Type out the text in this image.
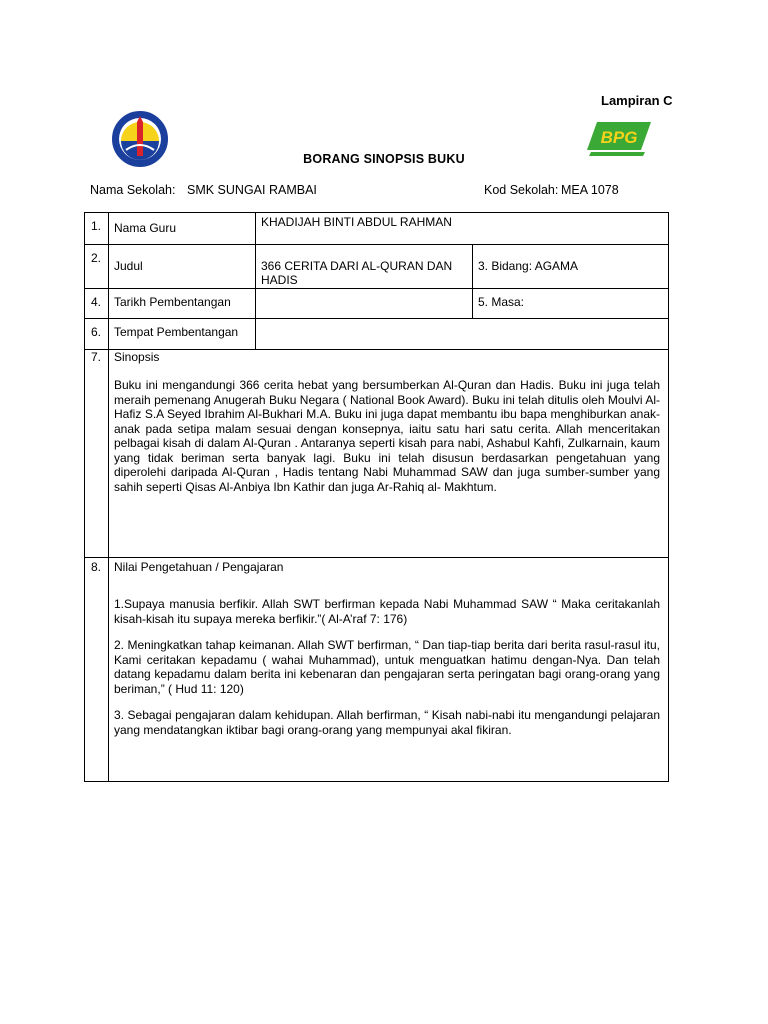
Lampiran C
BPG
BORANG SINOPSIS BUKU
Nama Sekolah: SMK SUNGAI RAMBAI	Kod Sekolah: MEA 1078
1.	Nama Guru	KHADIJAH BINTI ABDUL RAHMAN	
2.	Judul	366 CERITA DARI AL-QURAN DAN HADIS	3. Bidang: AGAMA
4.	Tarikh Pembentangan		5. Masa:
6.	Tempat Pembentangan		
7.	Sinopsis

Buku ini mengandungi 366 cerita hebat yang bersumberkan Al-Quran dan Hadis. Buku ini juga telah meraih pemenang Anugerah Buku Negara ( National Book Award). Buku ini telah ditulis oleh Moulvi Al-Hafiz S.A Seyed Ibrahim Al-Bukhari M.A. Buku ini juga dapat membantu ibu bapa menghiburkan anak-anak pada setipa malam sesuai dengan konsepnya, iaitu satu hari satu cerita. Allah menceritakan pelbagai kisah di dalam Al-Quran . Antaranya seperti kisah para nabi, Ashabul Kahfi, Zulkarnain, kaum yang tidak beriman serta banyak lagi. Buku ini telah disusun berdasarkan pengetahuan yang diperolehi daripada Al-Quran , Hadis tentang Nabi Muhammad SAW dan juga sumber-sumber yang sahih seperti Qisas Al-Anbiya Ibn Kathir dan juga Ar-Rahiq al- Makhtum.		

8.	Nilai Pengetahuan / Pengajaran

1.Supaya manusia berfikir. Allah SWT berfirman kepada Nabi Muhammad SAW “ Maka ceritakanlah kisah-kisah itu supaya mereka berfikir.”( Al-A’raf 7: 176)

2. Meningkatkan tahap keimanan. Allah SWT berfirman, “ Dan tiap-tiap berita dari berita rasul-rasul itu, Kami ceritakan kepadamu ( wahai Muhammad), untuk menguatkan hatimu dengan-Nya. Dan telah datang kepadamu dalam berita ini kebenaran dan pengajaran serta peringatan bagi orang-orang yang beriman,” ( Hud 11: 120)

3. Sebagai pengajaran dalam kehidupan. Allah berfirman, “ Kisah nabi-nabi itu mengandungi pelajaran yang mendatangkan iktibar bagi orang-orang yang mempunyai akal fikiran.		
